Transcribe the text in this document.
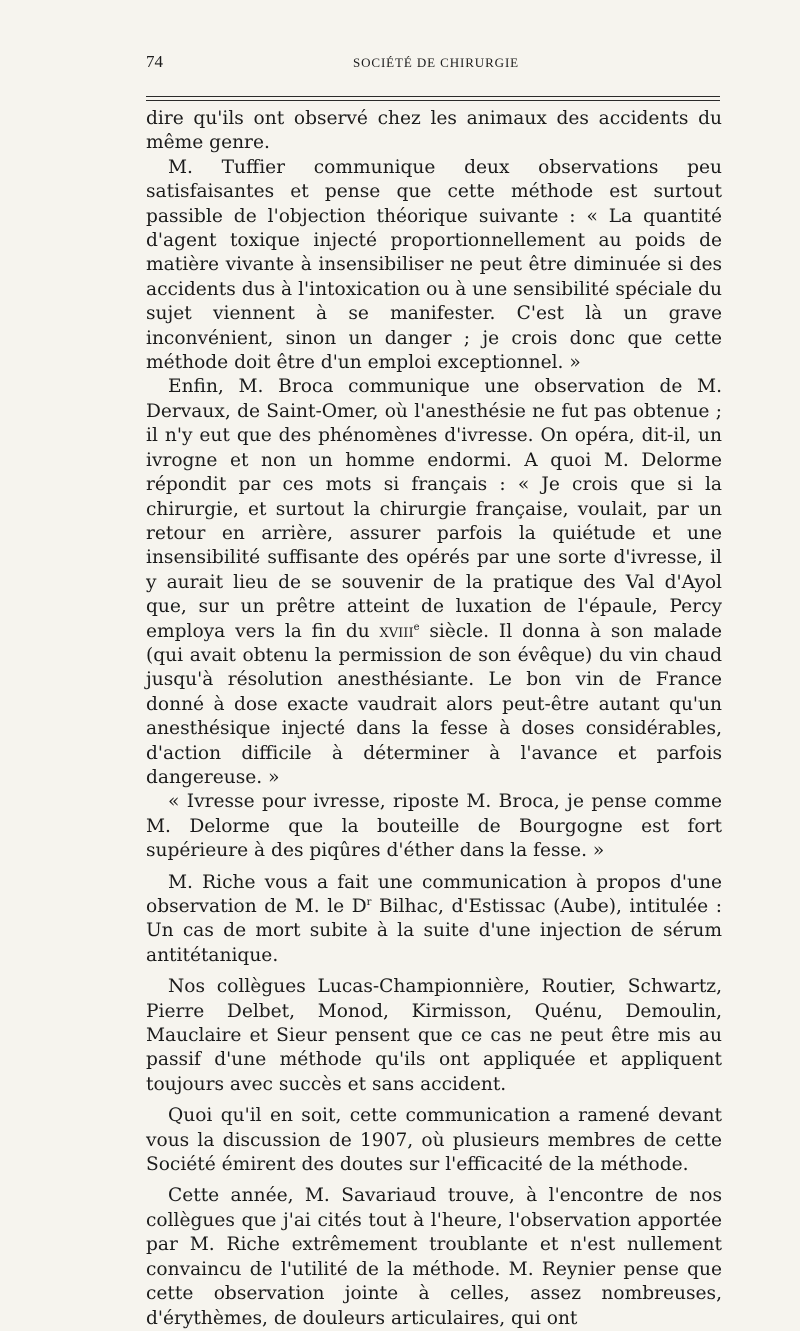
74	SOCIÉTÉ DE CHIRURGIE

dire qu'ils ont observé chez les animaux des accidents du même genre.

M. Tuffier communique deux observations peu satisfaisantes et pense que cette méthode est surtout passible de l'objection théorique suivante : « La quantité d'agent toxique injecté proportionnellement au poids de matière vivante à insensibiliser ne peut être diminuée si des accidents dus à l'intoxication ou à une sensibilité spéciale du sujet viennent à se manifester. C'est là un grave inconvénient, sinon un danger ; je crois donc que cette méthode doit être d'un emploi exceptionnel. »

Enfin, M. Broca communique une observation de M. Dervaux, de Saint-Omer, où l'anesthésie ne fut pas obtenue ; il n'y eut que des phénomènes d'ivresse. On opéra, dit-il, un ivrogne et non un homme endormi. A quoi M. Delorme répondit par ces mots si français : « Je crois que si la chirurgie, et surtout la chirurgie française, voulait, par un retour en arrière, assurer parfois la quiétude et une insensibilité suffisante des opérés par une sorte d'ivresse, il y aurait lieu de se souvenir de la pratique des Val d'Ayol que, sur un prêtre atteint de luxation de l'épaule, Percy employa vers la fin du xviii$^e$ siècle. Il donna à son malade (qui avait obtenu la permission de son évêque) du vin chaud jusqu'à résolution anesthésiante. Le bon vin de France donné à dose exacte vaudrait alors peut-être autant qu'un anesthésique injecté dans la fesse à doses considérables, d'action difficile à déterminer à l'avance et parfois dangereuse. »

« Ivresse pour ivresse, riposte M. Broca, je pense comme M. Delorme que la bouteille de Bourgogne est fort supérieure à des piqûres d'éther dans la fesse. »

M. Riche vous a fait une communication à propos d'une observation de M. le $D^r$ Bilhac, d'Estissac (Aube), intitulée : Un cas de mort subite à la suite d'une injection de sérum antitétanique.

Nos collègues Lucas-Championnière, Routier, Schwartz, Pierre Delbet, Monod, Kirmisson, Quénu, Demoulin, Mauclaire et Sieur pensent que ce cas ne peut être mis au passif d'une méthode qu'ils ont appliquée et appliquent toujours avec succès et sans accident.

Quoi qu'il en soit, cette communication a ramené devant vous la discussion de 1907, où plusieurs membres de cette Société émirent des doutes sur l'efficacité de la méthode.

Cette année, M. Savariaud trouve, à l'encontre de nos collègues que j'ai cités tout à l'heure, l'observation apportée par M. Riche extrêmement troublante et n'est nullement convaincu de l'utilité de la méthode. M. Reynier pense que cette observation jointe à celles, assez nombreuses, d'érythèmes, de douleurs articulaires, qui ont
